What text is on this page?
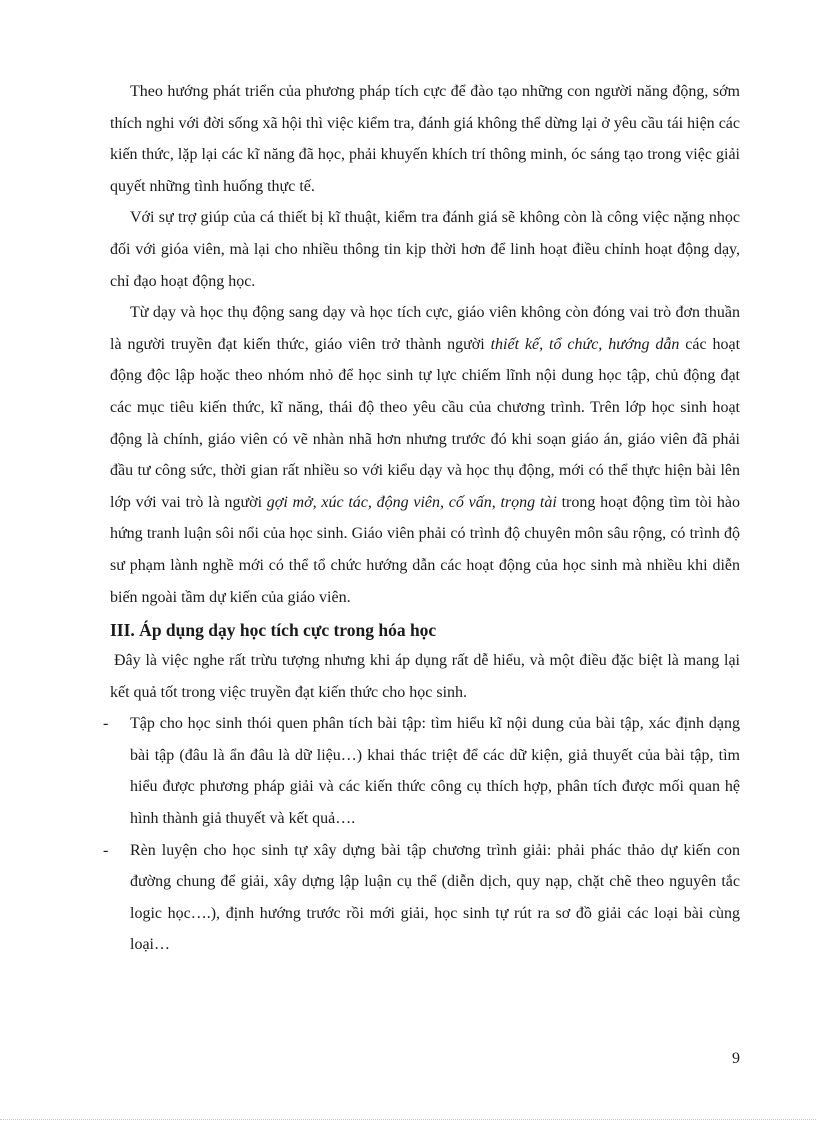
Theo hướng phát triển của phương pháp tích cực để đào tạo những con người năng động, sớm thích nghi với đời sống xã hội thì việc kiểm tra, đánh giá không thể dừng lại ở yêu cầu tái hiện các kiến thức, lặp lại các kĩ năng đã học, phải khuyến khích trí thông minh, óc sáng tạo trong việc giải quyết những tình huống thực tế.

Với sự trợ giúp của cá thiết bị kĩ thuật, kiểm tra đánh giá sẽ không còn là công việc nặng nhọc đối với gióa viên, mà lại cho nhiều thông tin kịp thời hơn để linh hoạt điều chỉnh hoạt động dạy, chỉ đạo hoạt động học.

Từ dạy và học thụ động sang dạy và học tích cực, giáo viên không còn đóng vai trò đơn thuần là người truyền đạt kiến thức, giáo viên trở thành người thiết kế, tổ chức, hướng dẫn các hoạt động độc lập hoặc theo nhóm nhỏ để học sinh tự lực chiếm lĩnh nội dung học tập, chủ động đạt các mục tiêu kiến thức, kĩ năng, thái độ theo yêu cầu của chương trình. Trên lớp học sinh hoạt động là chính, giáo viên có vẽ nhàn nhã hơn nhưng trước đó khi soạn giáo án, giáo viên đã phải đầu tư công sức, thời gian rất nhiều so với kiểu dạy và học thụ động, mới có thể thực hiện bài lên lớp với vai trò là người gợi mở, xúc tác, động viên, cố vấn, trọng tài trong hoạt động tìm tòi hào hứng tranh luận sôi nổi của học sinh. Giáo viên phải có trình độ chuyên môn sâu rộng, có trình độ sư phạm lành nghề mới có thể tổ chức hướng dẫn các hoạt động của học sinh mà nhiều khi diễn biến ngoài tầm dự kiến của giáo viên.

III. Áp dụng dạy học tích cực trong hóa học

Đây là việc nghe rất trừu tượng nhưng khi áp dụng rất dễ hiểu, và một điều đặc biệt là mang lại kết quả tốt trong việc truyền đạt kiến thức cho học sinh.

- Tập cho học sinh thói quen phân tích bài tập: tìm hiểu kĩ nội dung của bài tập, xác định dạng bài tập (đâu là ẩn đâu là dữ liệu…) khai thác triệt để các dữ kiện, giả thuyết của bài tập, tìm hiểu được phương pháp giải và các kiến thức công cụ thích hợp, phân tích được mối quan hệ hình thành giả thuyết và kết quả….
- Rèn luyện cho học sinh tự xây dựng bài tập chương trình giải: phải phác thảo dự kiến con đường chung để giải, xây dựng lập luận cụ thể (diễn dịch, quy nạp, chặt chẽ theo nguyên tắc logic học….), định hướng trước rồi mới giải, học sinh tự rút ra sơ đồ giải các loại bài cùng loại…
9
